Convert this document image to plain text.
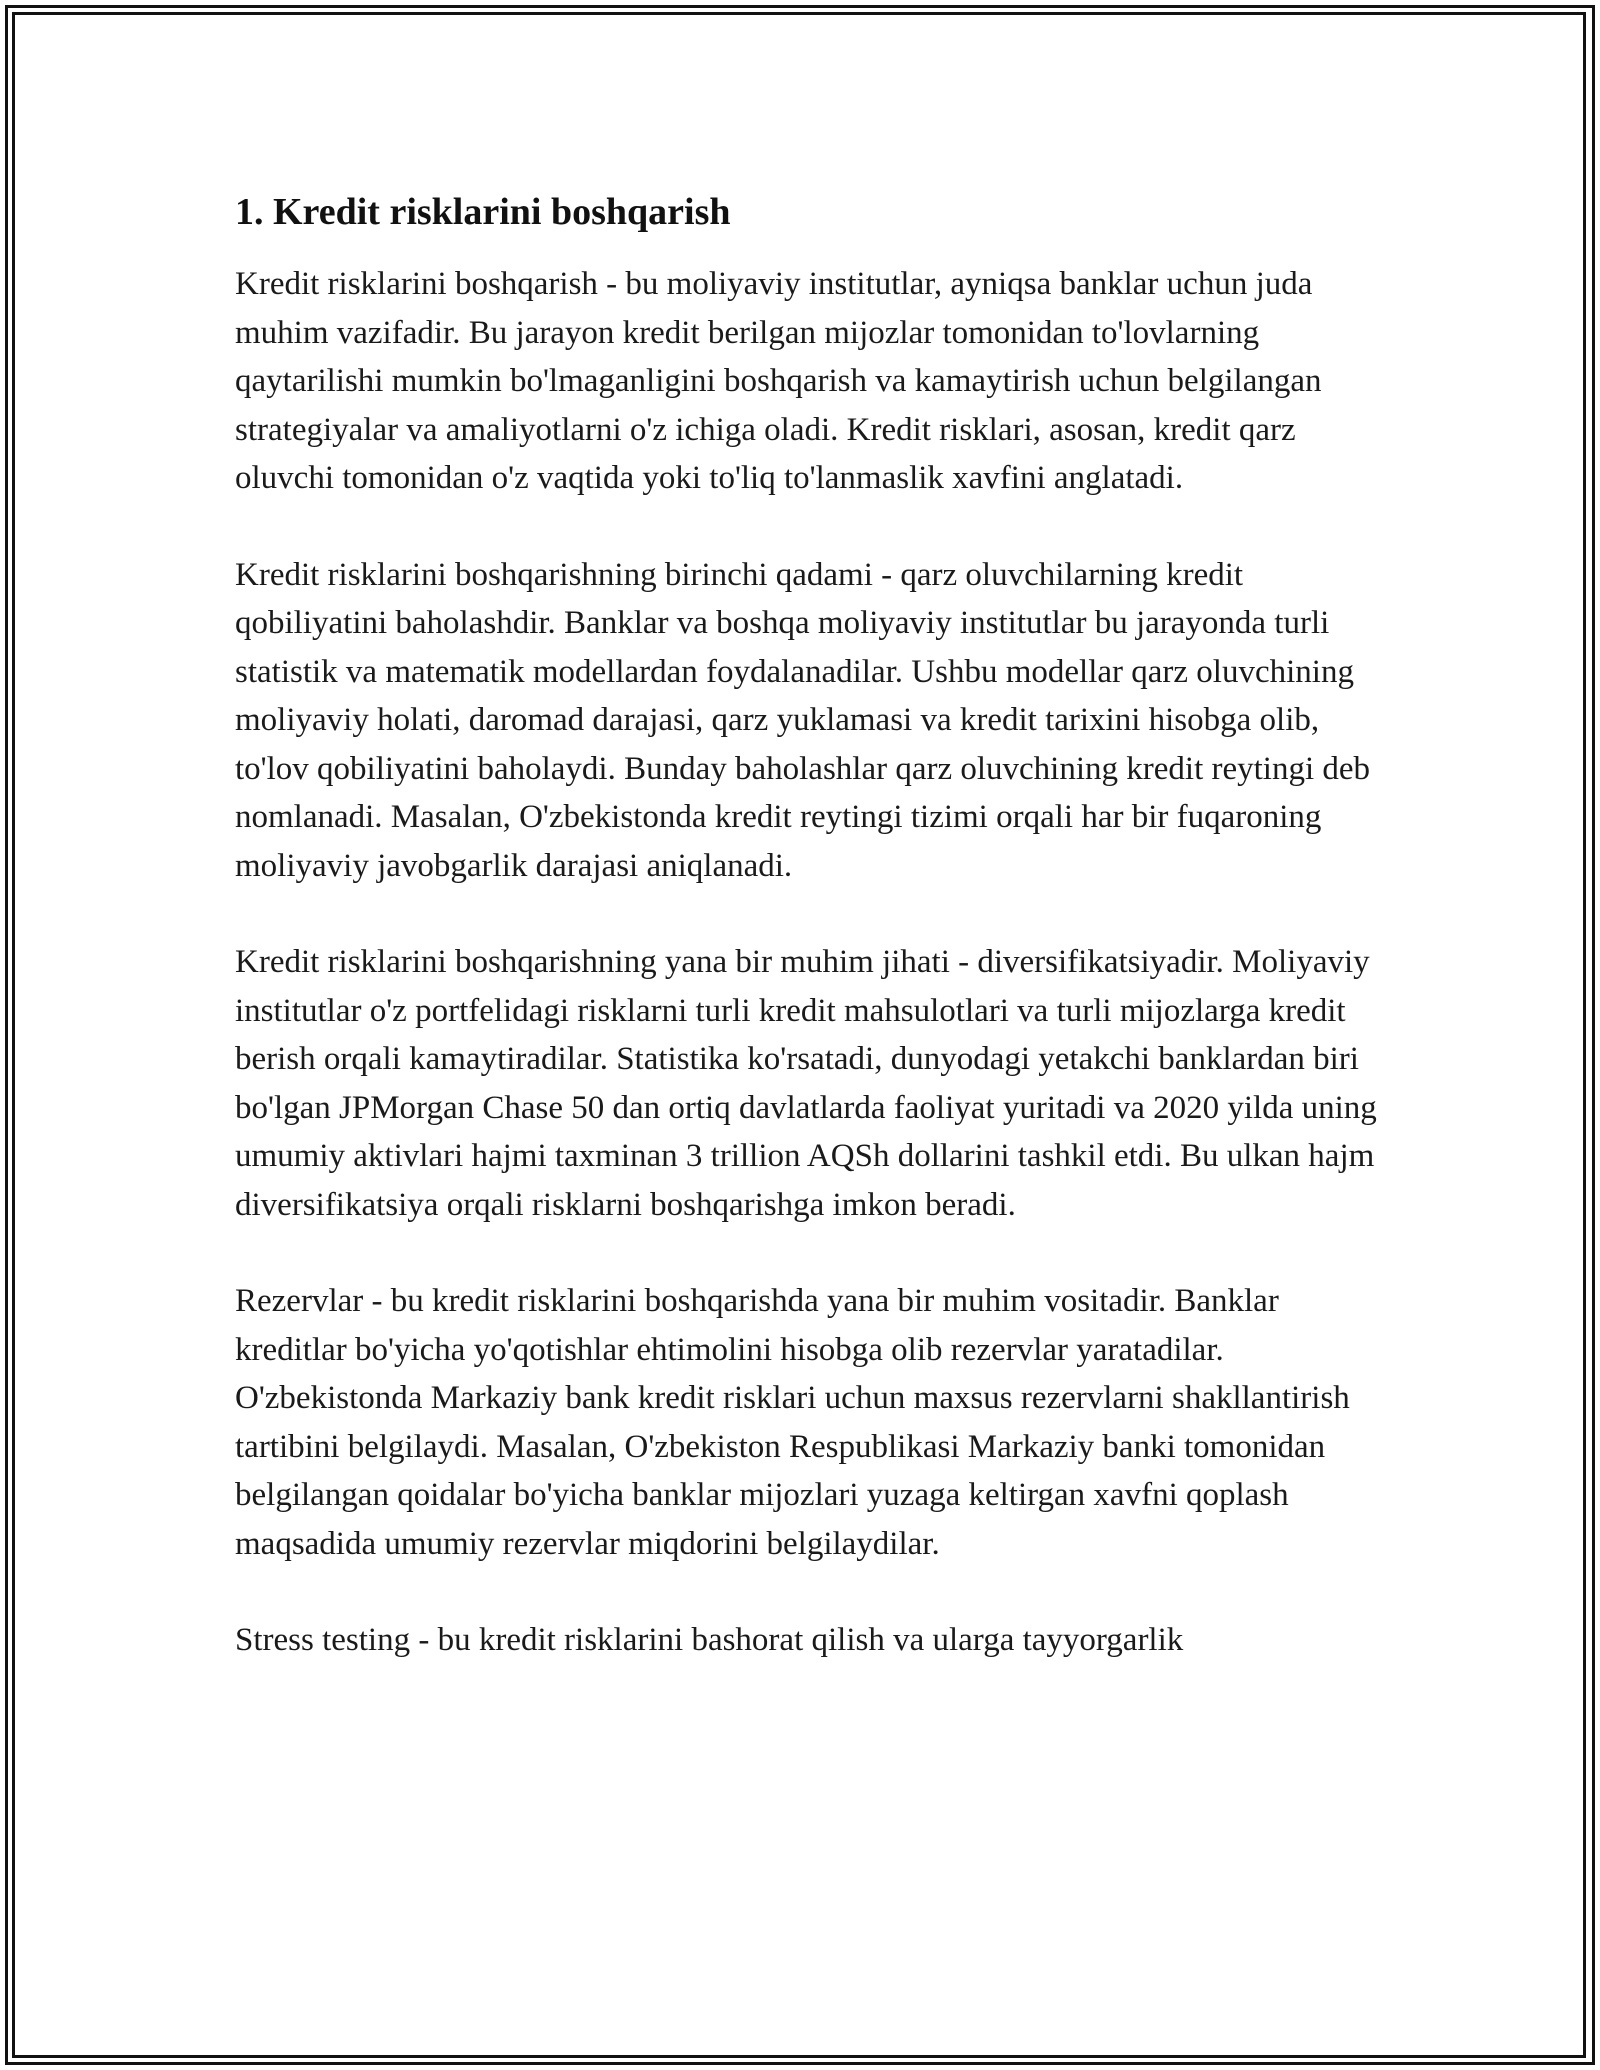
1. Kredit risklarini boshqarish

Kredit risklarini boshqarish - bu moliyaviy institutlar, ayniqsa banklar uchun juda muhim vazifadir. Bu jarayon kredit berilgan mijozlar tomonidan to'lovlarning qaytarilishi mumkin bo'lmaganligini boshqarish va kamaytirish uchun belgilangan strategiyalar va amaliyotlarni o'z ichiga oladi. Kredit risklari, asosan, kredit qarz oluvchi tomonidan o'z vaqtida yoki to'liq to'lanmaslik xavfini anglatadi.

Kredit risklarini boshqarishning birinchi qadami - qarz oluvchilarning kredit qobiliyatini baholashdir. Banklar va boshqa moliyaviy institutlar bu jarayonda turli statistik va matematik modellardan foydalanadilar. Ushbu modellar qarz oluvchining moliyaviy holati, daromad darajasi, qarz yuklamasi va kredit tarixini hisobga olib, to'lov qobiliyatini baholaydi. Bunday baholashlar qarz oluvchining kredit reytingi deb nomlanadi. Masalan, O'zbekistonda kredit reytingi tizimi orqali har bir fuqaroning moliyaviy javobgarlik darajasi aniqlanadi.

Kredit risklarini boshqarishning yana bir muhim jihati - diversifikatsiyadir. Moliyaviy institutlar o'z portfelidagi risklarni turli kredit mahsulotlari va turli mijozlarga kredit berish orqali kamaytiradilar. Statistika ko'rsatadi, dunyodagi yetakchi banklardan biri bo'lgan JPMorgan Chase 50 dan ortiq davlatlarda faoliyat yuritadi va 2020 yilda uning umumiy aktivlari hajmi taxminan 3 trillion AQSh dollarini tashkil etdi. Bu ulkan hajm diversifikatsiya orqali risklarni boshqarishga imkon beradi.

Rezervlar - bu kredit risklarini boshqarishda yana bir muhim vositadir. Banklar kreditlar bo'yicha yo'qotishlar ehtimolini hisobga olib rezervlar yaratadilar. O'zbekistonda Markaziy bank kredit risklari uchun maxsus rezervlarni shakllantirish tartibini belgilaydi. Masalan, O'zbekiston Respublikasi Markaziy banki tomonidan belgilangan qoidalar bo'yicha banklar mijozlari yuzaga keltirgan xavfni qoplash maqsadida umumiy rezervlar miqdorini belgilaydilar.

Stress testing - bu kredit risklarini bashorat qilish va ularga tayyorgarlik
